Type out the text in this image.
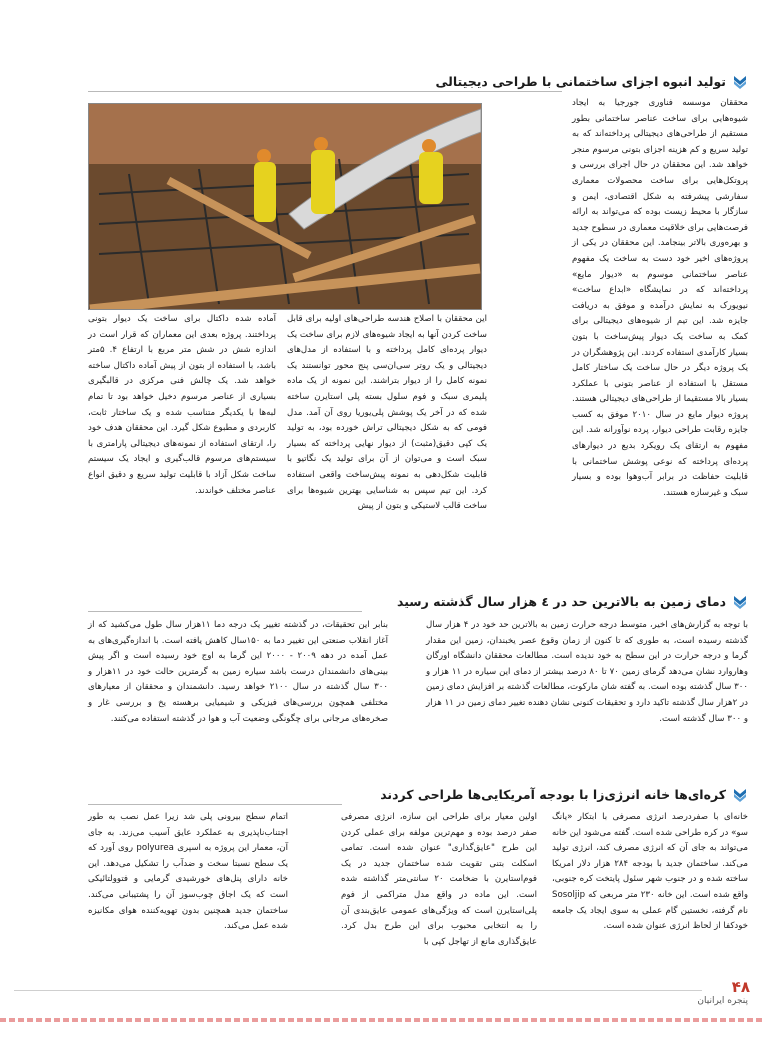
تولید انبوه اجزای ساختمانی با طراحی دیجیتالی
محققان موسسه فناوری جورجیا به ایجاد شیوه‌هایی برای ساخت عناصر ساختمانی بطور مستقیم از طراحی‌های دیجیتالی پرداخته‌اند که به تولید سریع و کم هزینه اجزای بتونی مرسوم منجر خواهد شد. این محققان در حال اجرای بررسی و پروتکل‌هایی برای ساخت محصولات معماری سفارشی پیشرفته به شکل اقتصادی، ایمن و سازگار با محیط زیست بوده که می‌تواند به ارائه فرصت‌هایی برای خلاقیت معماری در سطوح جدید و بهره‌وری بالاتر بینجامد. این محققان در یکی از پروژه‌های اخیر خود دست به ساخت یک مفهوم عناصر ساختمانی موسوم به «دیوار مایع» پرداخته‌اند که در نمایشگاه «ابداع ساخت» نیویورک به نمایش درآمده و موفق به دریافت جایزه شد. این تیم از شیوه‌های دیجیتالی برای کمک به ساخت یک دیوار پیش‌ساخت با بتون بسیار کارآمدی استفاده کردند. این پژوهشگران در یک پروژه دیگر در حال ساخت یک ساختار کامل مستقل با استفاده از عناصر بتونی با عملکرد بسیار بالا مستقیما از طراحی‌های دیجیتالی هستند. پروژه دیوار مایع در سال ۲۰۱۰ موفق به کسب جایزه رقابت طراحی دیوار، پرده نوآورانه شد. این مفهوم به ارتقای یک رویکرد بدیع در دیوارهای پرده‌ای پرداخته که نوعی پوشش ساختمانی با قابلیت حفاظت در برابر آب‌وهوا بوده و بسیار سبک و غیرسازه هستند.
این محققان با اصلاح هندسه طراحی‌های اولیه برای قابل ساخت کردن آنها به ایجاد شیوه‌های لازم برای ساخت یک دیوار پرده‌ای کامل پرداخته و با استفاده از مدل‌های دیجیتالی و یک روتر سی‌ان‌سی پنج محور توانستند یک نمونه کامل را از دیوار بتراشند. این نمونه از یک ماده پلیمری سبک و فوم سلول بسته پلی استایرن ساخته شده که در آخر یک پوشش پلی‌یوریا روی آن آمد. مدل فومی که به شکل دیجیتالی تراش خورده بود، به تولید یک کپی دقیق(مثبت) از دیوار نهایی پرداخته که بسیار سبک است و می‌توان از آن برای تولید یک نگاتیو با قابلیت شکل‌دهی به نمونه پیش‌ساخت واقعی استفاده کرد. این تیم سپس به شناسایی بهترین شیوه‌ها برای ساخت قالب لاستیکی و بتون از پیش
آماده شده داکتال برای ساخت یک دیوار بتونی پرداختند. پروژه بعدی این معماران که قرار است در اندازه شش در شش متر مربع با ارتفاع ۴. ۵متر باشد، با استفاده از بتون از پیش آماده داکتال ساخته خواهد شد. یک چالش فنی مرکزی در قالبگیری بسیاری از عناصر مرسوم دخیل خواهد بود تا تمام لبه‌ها با یکدیگر متناسب شده و یک ساختار ثابت، کاربردی و مطبوع شکل گیرد. این محققان هدف خود را، ارتقای استفاده از نمونه‌های دیجیتالی پارامتری با سیستم‌های مرسوم قالب‌گیری و ایجاد یک سیستم ساخت شکل آزاد با قابلیت تولید سریع و دقیق انواع عناصر مختلف خواندند.
دمای زمین به بالاترین حد در ٤ هزار سال گذشته رسید
با توجه به گزارش‌های اخیر، متوسط درجه حرارت زمین به بالاترین حد خود در ۴ هزار سال گذشته رسیده است، به طوری که تا کنون از زمان وقوع عصر یخبندان، زمین این مقدار گرما و درجه حرارت در این سطح به خود ندیده است. مطالعات محققان دانشگاه اورگان وهاروارد نشان می‌دهد گرمای زمین ۷۰ تا ۸۰ درصد بیشتر از دمای این سیاره در ۱۱ هزار و ۳۰۰ سال گذشته بوده است. به گفته شان مارکوت، مطالعات گذشته بر افزایش دمای زمین در ۲هزار سال گذشته تاکید دارد و تحقیقات کنونی نشان دهنده تغییر دمای زمین در ۱۱ هزار و ۳۰۰ سال گذشته است.
بنابر این تحقیقات، در گذشته تغییر یک درجه دما ۱۱هزار سال طول می‌کشید که از آغاز انقلاب صنعتی این تغییر دما به ۱۵۰سال کاهش یافته است. با اندازه‌گیری‌های به عمل آمده در دهه ۲۰۰۹ - ۲۰۰۰ این گرما به اوج خود رسیده است و اگر پیش بینی‌های دانشمندان درست باشد سیاره زمین به گرمترین حالت خود در ۱۱هزار و ۳۰۰ سال گذشته در سال ۲۱۰۰ خواهد رسید. دانشمندان و محققان از معیارهای مختلفی همچون بررسی‌های فیزیکی و شیمیایی برهسته یخ و بررسی غار و صخره‌های مرجانی برای چگونگی وضعیت آب و هوا در گذشته استفاده می‌کنند.
کره‌ای‌ها خانه انرژی‌زا با بودجه آمریکایی‌ها طراحی کردند
خانه‌ای با صفردرصد انرژی مصرفی با ابتکار «یانگ سو» در کره طراحی شده است. گفته می‌شود این خانه می‌تواند به جای آن که انرژی مصرف کند، انرژی تولید می‌کند. ساختمان جدید با بودجه ۲۸۴ هزار دلار امریکا ساخته شده و در جنوب شهر سئول پایتخت کره جنوبی، واقع شده است. این خانه ۲۳۰ متر مربعی که Sosoljip نام گرفته، نخستین گام عملی به سوی ایجاد یک جامعه خودکفا از لحاظ انرژی عنوان شده است.
اولین معیار برای طراحی این سازه، انرژی مصرفی صفر درصد بوده و مهم‌ترین مولفه برای عملی کردن این طرح "عایق‌گذاری" عنوان شده است. تمامی اسکلت بتنی تقویت شده ساختمان جدید در یک فوم‌استایرن با ضخامت ۲۰ سانتی‌متر گذاشته شده است. این ماده در واقع مدل متراکمی از فوم پلی‌استایرن است که ویژگی‌های عمومی عایق‌بندی آن را به انتخابی محبوب برای این طرح بدل کرد. عایق‌گذاری مانع از تهاجل کپی با
اتمام سطح بیرونی پلی شد زیرا عمل نصب به طور اجتناب‌ناپذیری به عملکرد عایق آسیب می‌زند. به جای آن، معمار این پروژه به اسپری polyurea روی آورد که یک سطح نسبتا سخت و ضدآب را تشکیل می‌دهد. این خانه دارای پنل‌های خورشیدی گرمایی و فتوولتائیکی است که یک اجاق چوب‌سوز آن را پشتیبانی می‌کند. ساختمان جدید همچنین بدون تهویه‌کننده هوای مکانیزه شده عمل می‌کند.
۴۸
پنجره ایرانیان
